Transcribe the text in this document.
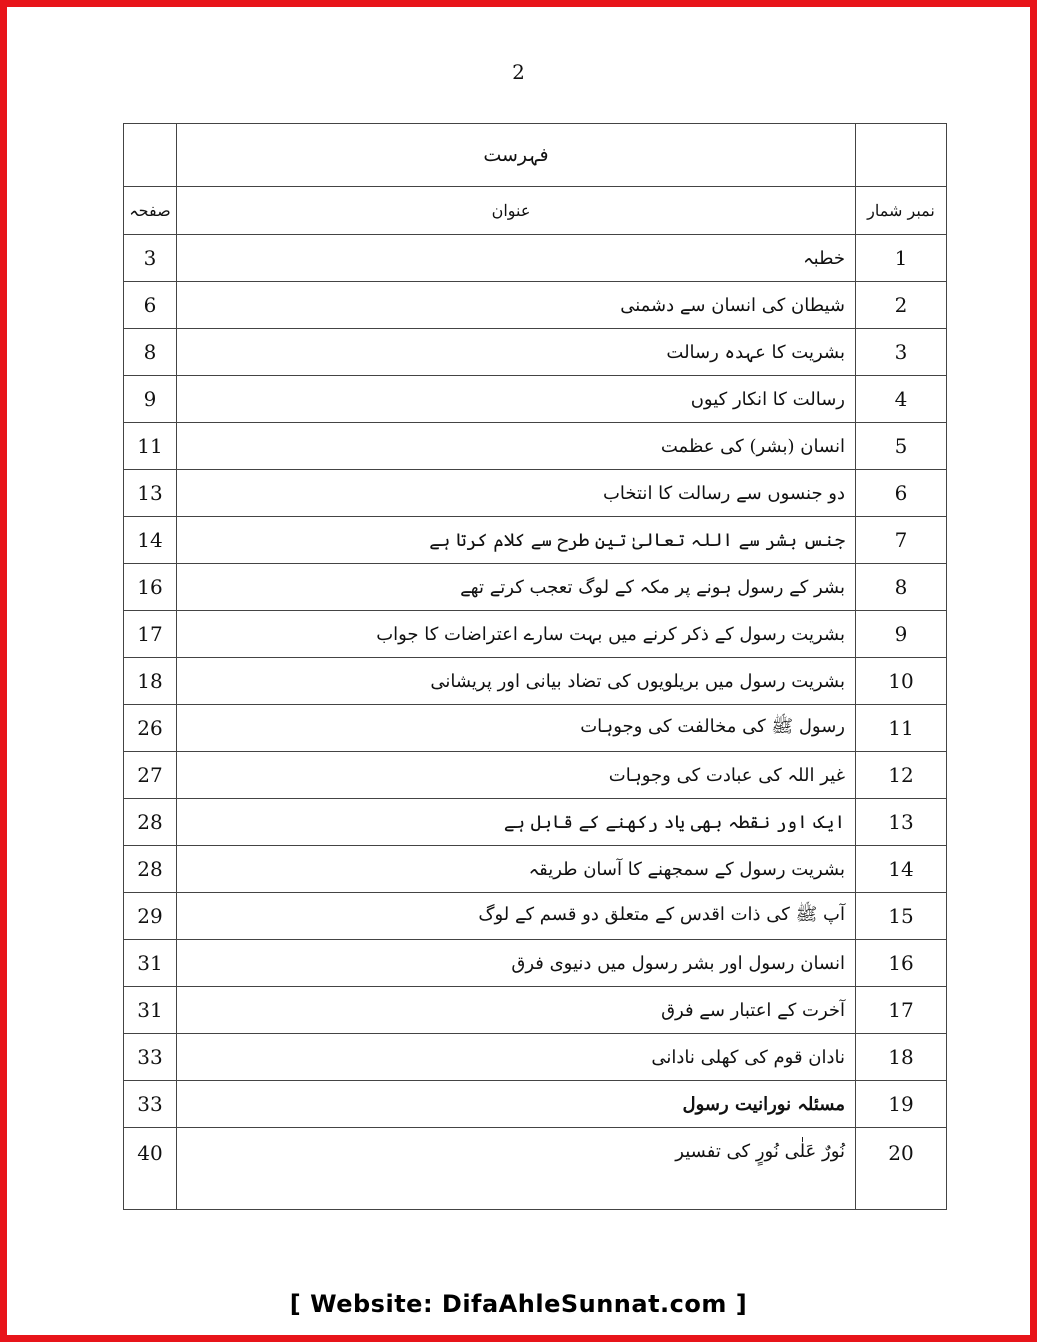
2
	فہرست	
نمبر شمار	عنوان	صفحہ
1	خطبہ	3
2	شیطان کی انسان سے دشمنی	6
3	بشریت کا عہدہ رسالت	8
4	رسالت کا انکار کیوں	9
5	انسان (بشر) کی عظمت	11
6	دو جنسوں سے رسالت کا انتخاب	13
7	جنس بشر سے اللہ تعالیٰ تین طرح سے کلام کرتا ہے	14
8	بشر کے رسول ہونے پر مکہ کے لوگ تعجب کرتے تھے	16
9	بشریت رسول کے ذکر کرنے میں بہت سارے اعتراضات کا جواب	17
10	بشریت رسول میں بریلویوں کی تضاد بیانی اور پریشانی	18
11	رسول ﷺ کی مخالفت کی وجوہات	26
12	غیر اللہ کی عبادت کی وجوہات	27
13	ایک اور نقطہ بھی یاد رکھنے کے قابل ہے	28
14	بشریت رسول کے سمجھنے کا آسان طریقہ	28
15	آپ ﷺ کی ذات اقدس کے متعلق دو قسم کے لوگ	29
16	انسان رسول اور بشر رسول میں دنیوی فرق	31
17	آخرت کے اعتبار سے فرق	31
18	نادان قوم کی کھلی نادانی	33
19	مسئلہ نورانیت رسول	33
20	نُورٌ عَلٰی نُورٍ کی تفسیر	40
[ Website: DifaAhleSunnat.com ]
